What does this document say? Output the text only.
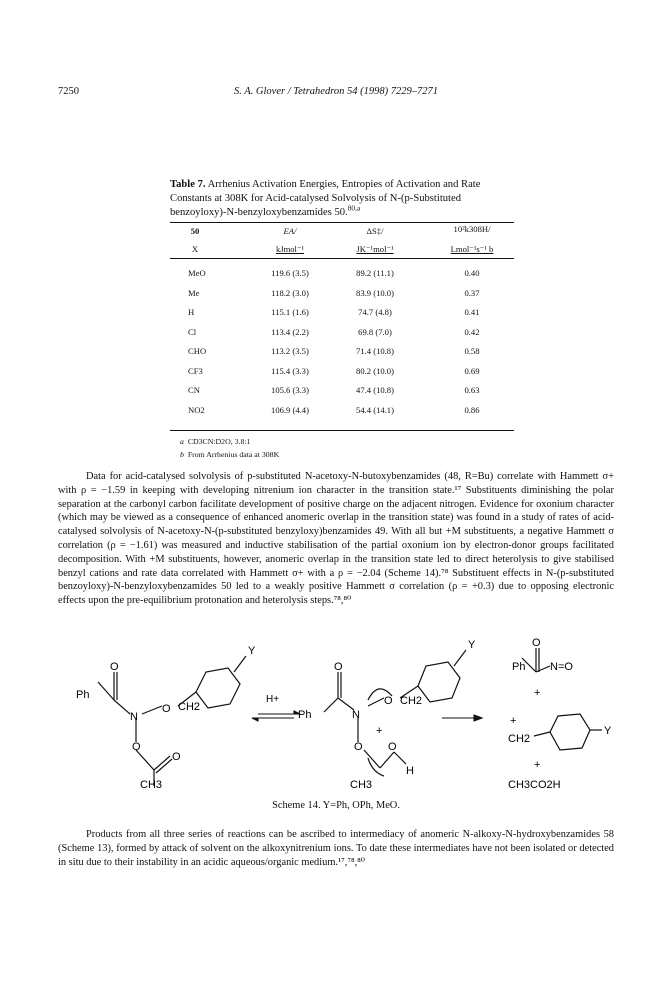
7250	S. A. Glover / Tetrahedron 54 (1998) 7229–7271
Table 7. Arrhenius Activation Energies, Entropies of Activation and Rate Constants at 308K for Acid-catalysed Solvolysis of N-(p-Substituted benzoyloxy)-N-benzyloxybenzamides 50.$^{80,a}$
50	EA/	ΔS‡/	10²k308H/
X	kJmol⁻¹	JK⁻¹mol⁻¹	Lmol⁻¹s⁻¹ b
MeO	119.6 (3.5)	89.2 (11.1)	0.40
Me	118.2 (3.0)	83.9 (10.0)	0.37
H	115.1 (1.6)	74.7 (4.8)	0.41
Cl	113.4 (2.2)	69.8 (7.0)	0.42
CHO	113.2 (3.5)	71.4 (10.8)	0.58
CF3	115.4 (3.3)	80.2 (10.0)	0.69
CN	105.6 (3.3)	47.4 (10.8)	0.63
NO2	106.9 (4.4)	54.4 (14.1)	0.86
a CD3CN:D2O, 3.8:1
b From Arrhenius data at 308K

Data for acid-catalysed solvolysis of p-substituted N-acetoxy-N-butoxybenzamides (48, R=Bu) correlate with Hammett σ+ with ρ = −1.59 in keeping with developing nitrenium ion character in the transition state.¹⁷ Substituents diminishing the polar separation at the carbonyl carbon facilitate development of positive charge on the adjacent nitrogen. Evidence for oxonium character (which may be viewed as a consequence of enhanced anomeric overlap in the transition state) was found in a study of rates of acid-catalysed solvolysis of N-acetoxy-N-(p-substituted benzyloxy)benzamides 49. With all but +M substituents, a negative Hammett σ correlation (ρ = −1.61) was measured and inductive stabilisation of the partial oxonium ion by electron-donor groups facilitated decomposition. With +M substituents, however, anomeric overlap in the transition state led to direct heterolysis to give stabilised benzyl cations and rate data correlated with Hammett σ+ with a ρ = −2.04 (Scheme 14).⁷⁸ Substituent effects in N-(p-substituted benzoyloxy)-N-benzyloxybenzamides 50 led to a weakly positive Hammett σ correlation (ρ = +0.3) due to opposing electronic effects upon the pre-equilibrium protonation and heterolysis steps.⁷⁸,⁸⁰

Ph
N
O
O
O
O
CH2
CH3
Y
H+
Ph	N
O
O
O O
+
H
CH2
CH3
Y
Ph
O
N=O
+
+
CH2
Y
+
CH3CO2H
Scheme 14. Y=Ph, OPh, MeO.

Products from all three series of reactions can be ascribed to intermediacy of anomeric N-alkoxy-N-hydroxybenzamides 58 (Scheme 13), formed by attack of solvent on the alkoxynitrenium ions. To date these intermediates have not been isolated or detected in situ due to their instability in an acidic aqueous/organic medium.¹⁷,⁷⁸,⁸⁰
